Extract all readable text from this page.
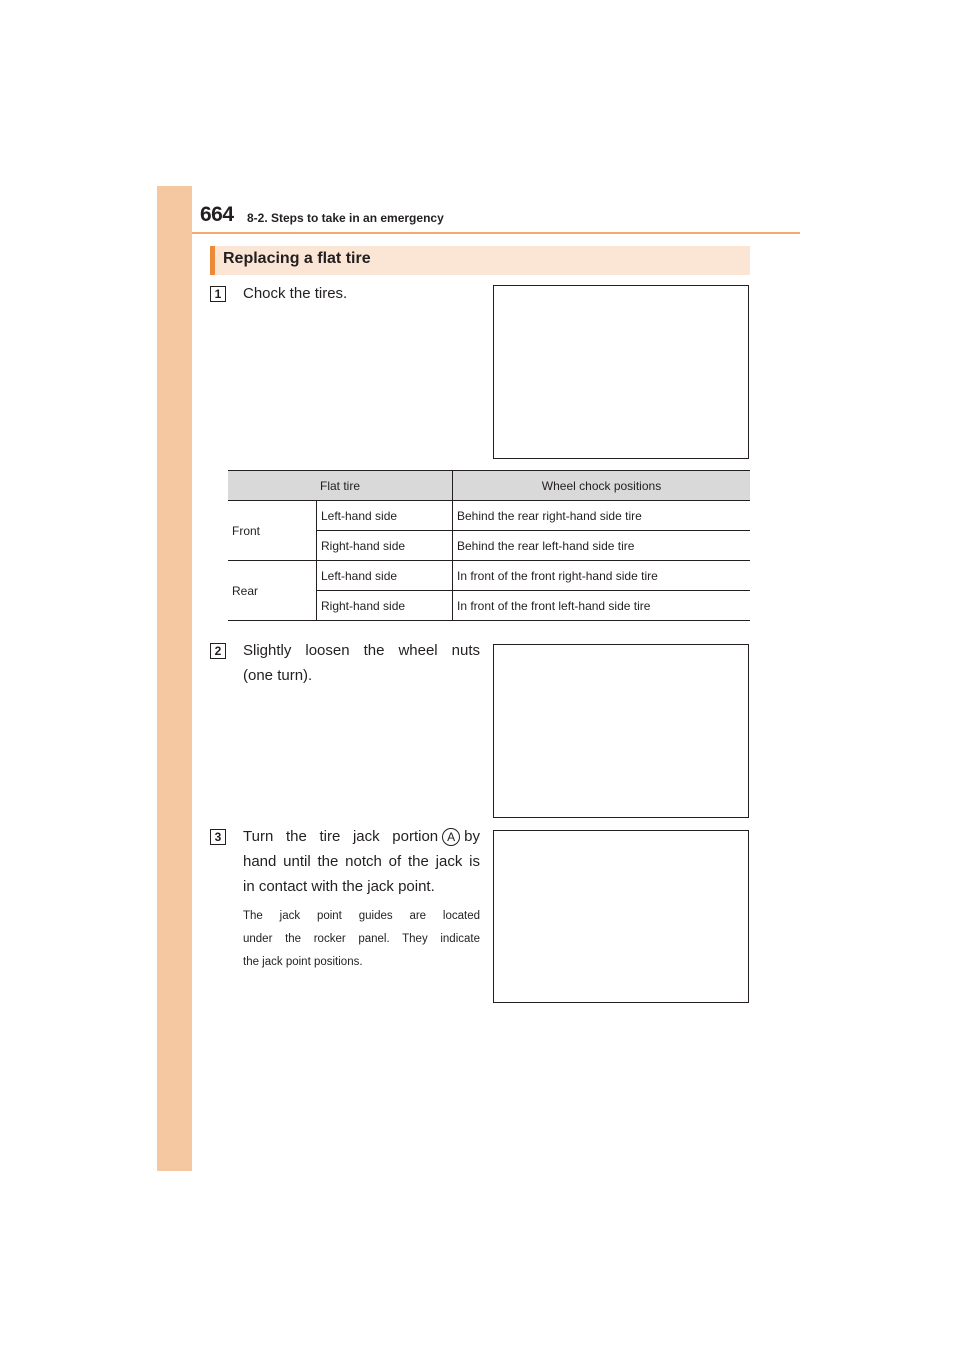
664 8-2. Steps to take in an emergency
Replacing a flat tire
1	Chock the tires.
Flat tire		Wheel chock positions
Front	Left-hand side	Behind the rear right-hand side tire
	Right-hand side	Behind the rear left-hand side tire
Rear	Left-hand side	In front of the front right-hand side tire
	Right-hand side	In front of the front left-hand side tire
2	Slightly loosen the wheel nuts
(one turn).
3	Turn the tire jack portion A by
hand until the notch of the jack is
in contact with the jack point.
The jack point guides are located
under the rocker panel. They indicate
the jack point positions.
